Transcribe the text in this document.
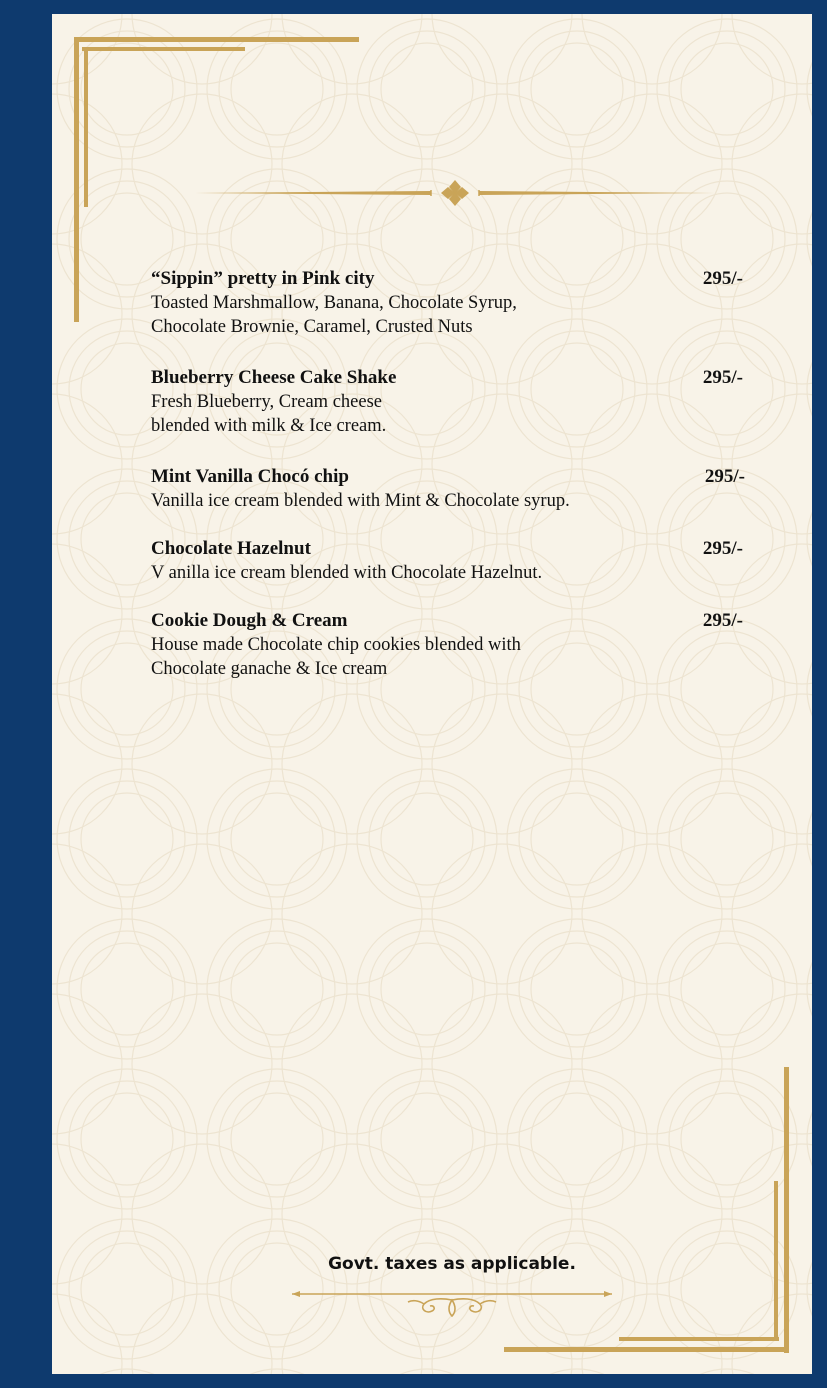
“Sippin” pretty in Pink city	295/-
Toasted Marshmallow, Banana, Chocolate Syrup,
Chocolate Brownie, Caramel, Crusted Nuts
Blueberry Cheese Cake Shake	295/-
Fresh Blueberry, Cream cheese
blended with milk & Ice cream.
Mint Vanilla Chocó chip	295/-
Vanilla ice cream blended with Mint & Chocolate syrup.
Chocolate Hazelnut	295/-
V anilla ice cream blended with Chocolate Hazelnut.
Cookie Dough & Cream	295/-
House made Chocolate chip cookies blended with
Chocolate ganache & Ice cream
Govt. taxes as applicable.
